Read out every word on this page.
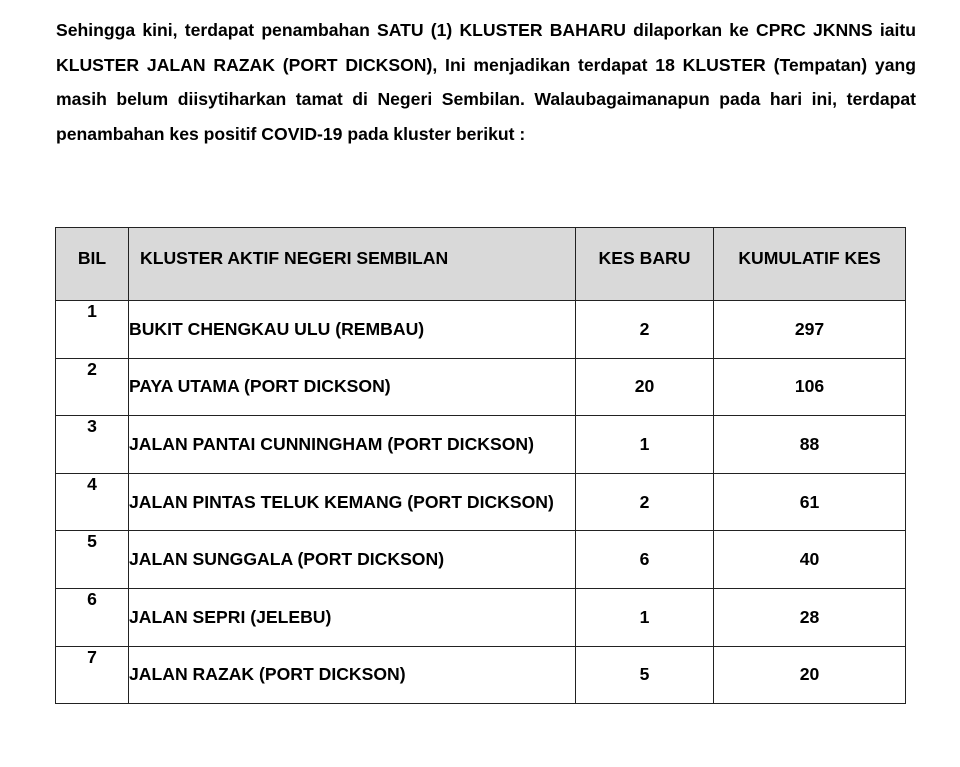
Sehingga kini, terdapat penambahan SATU (1) KLUSTER BAHARU dilaporkan ke CPRC JKNNS iaitu KLUSTER JALAN RAZAK (PORT DICKSON), Ini menjadikan terdapat 18 KLUSTER (Tempatan) yang masih belum diisytiharkan tamat di Negeri Sembilan. Walaubagaimanapun pada hari ini, terdapat penambahan kes positif COVID-19 pada kluster berikut :

BIL	KLUSTER AKTIF NEGERI SEMBILAN	KES BARU	KUMULATIF KES
1	BUKIT CHENGKAU ULU (REMBAU)	2	297
2	PAYA UTAMA (PORT DICKSON)	20	106
3	JALAN PANTAI CUNNINGHAM (PORT DICKSON)	1	88
4	JALAN PINTAS TELUK KEMANG (PORT DICKSON)	2	61
5	JALAN SUNGGALA (PORT DICKSON)	6	40
6	JALAN SEPRI (JELEBU)	1	28
7	JALAN RAZAK (PORT DICKSON)	5	20
